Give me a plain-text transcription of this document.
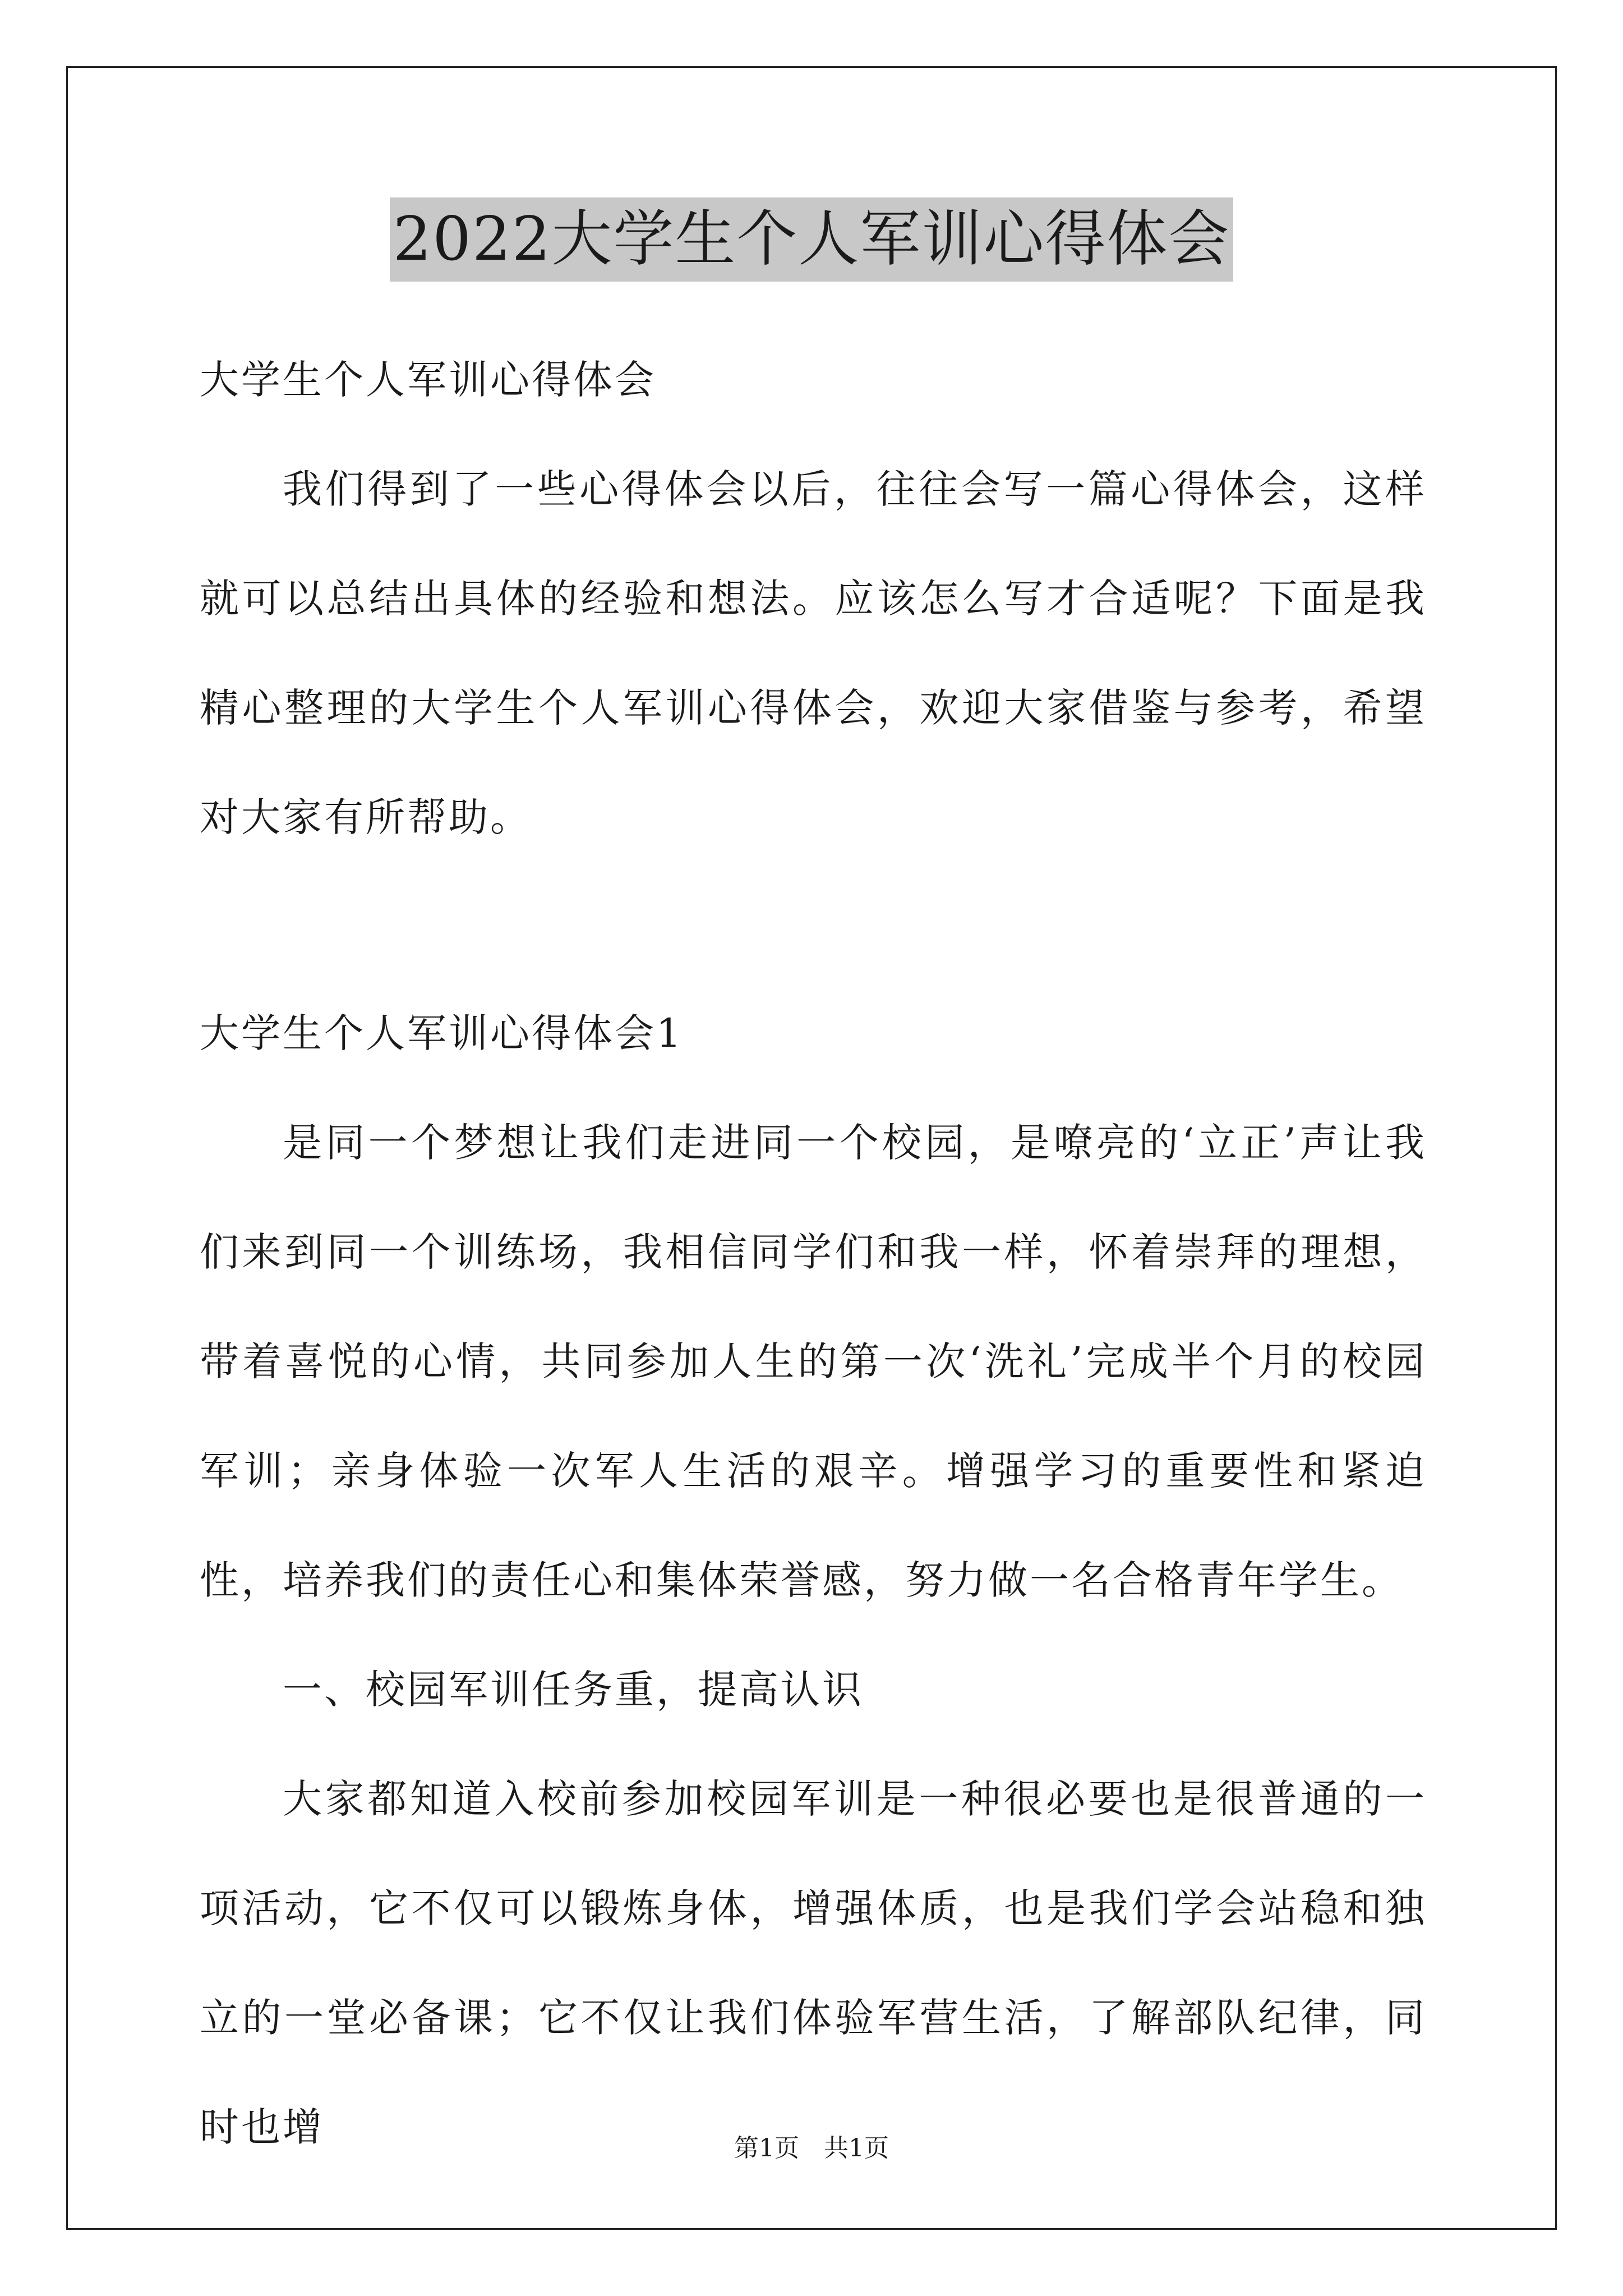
2022大学生个人军训心得体会

大学生个人军训心得体会

我们得到了一些心得体会以后，往往会写一篇心得体会，这样就可以总结出具体的经验和想法。应该怎么写才合适呢？下面是我精心整理的大学生个人军训心得体会，欢迎大家借鉴与参考，希望对大家有所帮助。

大学生个人军训心得体会1

是同一个梦想让我们走进同一个校园，是嘹亮的‘立正’声让我们来到同一个训练场，我相信同学们和我一样，怀着崇拜的理想，带着喜悦的心情，共同参加人生的第一次‘洗礼’完成半个月的校园军训；亲身体验一次军人生活的艰辛。增强学习的重要性和紧迫性，培养我们的责任心和集体荣誉感，努力做一名合格青年学生。

一、校园军训任务重，提高认识

大家都知道入校前参加校园军训是一种很必要也是很普通的一项活动，它不仅可以锻炼身体，增强体质，也是我们学会站稳和独立的一堂必备课；它不仅让我们体验军营生活，了解部队纪律，同时也增	第1页　共1页
